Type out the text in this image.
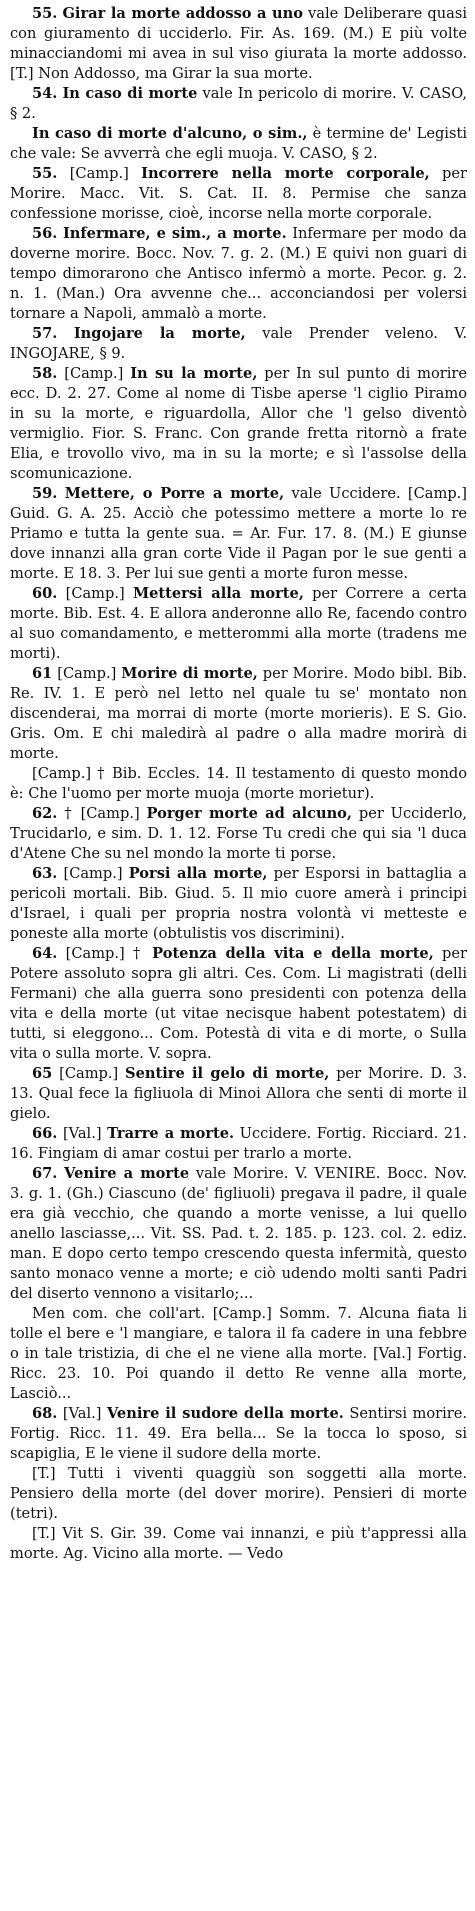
55. Girar la morte addosso a uno vale Deliberare quasi con giuramento di ucciderlo. Fir. As. 169. (M.) E più volte minacciandomi mi avea in sul viso giurata la morte addosso. [T.] Non Addosso, ma Girar la sua morte.

54. In caso di morte vale In pericolo di morire. V. CASO, § 2.

In caso di morte d'alcuno, o sim., è termine de' Legisti che vale: Se avverrà che egli muoja. V. CASO, § 2.

55. [Camp.] Incorrere nella morte corporale, per Morire. Macc. Vit. S. Cat. II. 8. Permise che sanza confessione morisse, cioè, incorse nella morte corporale.

56. Infermare, e sim., a morte. Infermare per modo da doverne morire. Bocc. Nov. 7. g. 2. (M.) E quivi non guari di tempo dimorarono che Antisco infermò a morte. Pecor. g. 2. n. 1. (Man.) Ora avvenne che... acconciandosi per volersi tornare a Napoli, ammalò a morte.

57. Ingojare la morte, vale Prender veleno. V. INGOJARE, § 9.

58. [Camp.] In su la morte, per In sul punto di morire ecc. D. 2. 27. Come al nome di Tisbe aperse 'l ciglio Piramo in su la morte, e riguardolla, Allor che 'l gelso diventò vermiglio. Fior. S. Franc. Con grande fretta ritornò a frate Elia, e trovollo vivo, ma in su la morte; e sì l'assolse della scomunicazione.

59. Mettere, o Porre a morte, vale Uccidere. [Camp.] Guid. G. A. 25. Acciò che potessimo mettere a morte lo re Priamo e tutta la gente sua. = Ar. Fur. 17. 8. (M.) E giunse dove innanzi alla gran corte Vide il Pagan por le sue genti a morte. E 18. 3. Per lui sue genti a morte furon messe.

60. [Camp.] Mettersi alla morte, per Correre a certa morte. Bib. Est. 4. E allora anderonne allo Re, facendo contro al suo comandamento, e metterommi alla morte (tradens me morti).

61 [Camp.] Morire di morte, per Morire. Modo bibl. Bib. Re. IV. 1. E però nel letto nel quale tu se' montato non discenderai, ma morrai di morte (morte morieris). E S. Gio. Gris. Om. E chi maledirà al padre o alla madre morirà di morte.

[Camp.] † Bib. Eccles. 14. Il testamento di questo mondo è: Che l'uomo per morte muoja (morte morietur).

62. † [Camp.] Porger morte ad alcuno, per Ucciderlo, Trucidarlo, e sim. D. 1. 12. Forse Tu credi che qui sia 'l duca d'Atene Che su nel mondo la morte ti porse.

63. [Camp.] Porsi alla morte, per Esporsi in battaglia a pericoli mortali. Bib. Giud. 5. Il mio cuore amerà i principi d'Israel, i quali per propria nostra volontà vi metteste e poneste alla morte (obtulistis vos discrimini).

64. [Camp.] † Potenza della vita e della morte, per Potere assoluto sopra gli altri. Ces. Com. Li magistrati (delli Fermani) che alla guerra sono presidenti con potenza della vita e della morte (ut vitae necisque habent potestatem) di tutti, si eleggono... Com. Potestà di vita e di morte, o Sulla vita o sulla morte. V. sopra.

65 [Camp.] Sentire il gelo di morte, per Morire. D. 3. 13. Qual fece la figliuola di Minoi Allora che senti di morte il gielo.

66. [Val.] Trarre a morte. Uccidere. Fortig. Ricciard. 21. 16. Fingiam di amar costui per trarlo a morte.

67. Venire a morte vale Morire. V. VENIRE. Bocc. Nov. 3. g. 1. (Gh.) Ciascuno (de' figliuoli) pregava il padre, il quale era già vecchio, che quando a morte venisse, a lui quello anello lasciasse,... Vit. SS. Pad. t. 2. 185. p. 123. col. 2. ediz. man. E dopo certo tempo crescendo questa infermità, questo santo monaco venne a morte; e ciò udendo molti santi Padri del diserto vennono a visitarlo;...

Men com. che coll'art. [Camp.] Somm. 7. Alcuna fiata li tolle el bere e 'l mangiare, e talora il fa cadere in una febbre o in tale tristizia, di che el ne viene alla morte. [Val.] Fortig. Ricc. 23. 10. Poi quando il detto Re venne alla morte, Lasciò...

68. [Val.] Venire il sudore della morte. Sentirsi morire. Fortig. Ricc. 11. 49. Era bella... Se la tocca lo sposo, si scapiglia, E le viene il sudore della morte.

[T.] Tutti i viventi quaggiù son soggetti alla morte. Pensiero della morte (del dover morire). Pensieri di morte (tetri).

[T.] Vit S. Gir. 39. Come vai innanzi, e più t'appressi alla morte. Ag. Vicino alla morte. — Vedo
